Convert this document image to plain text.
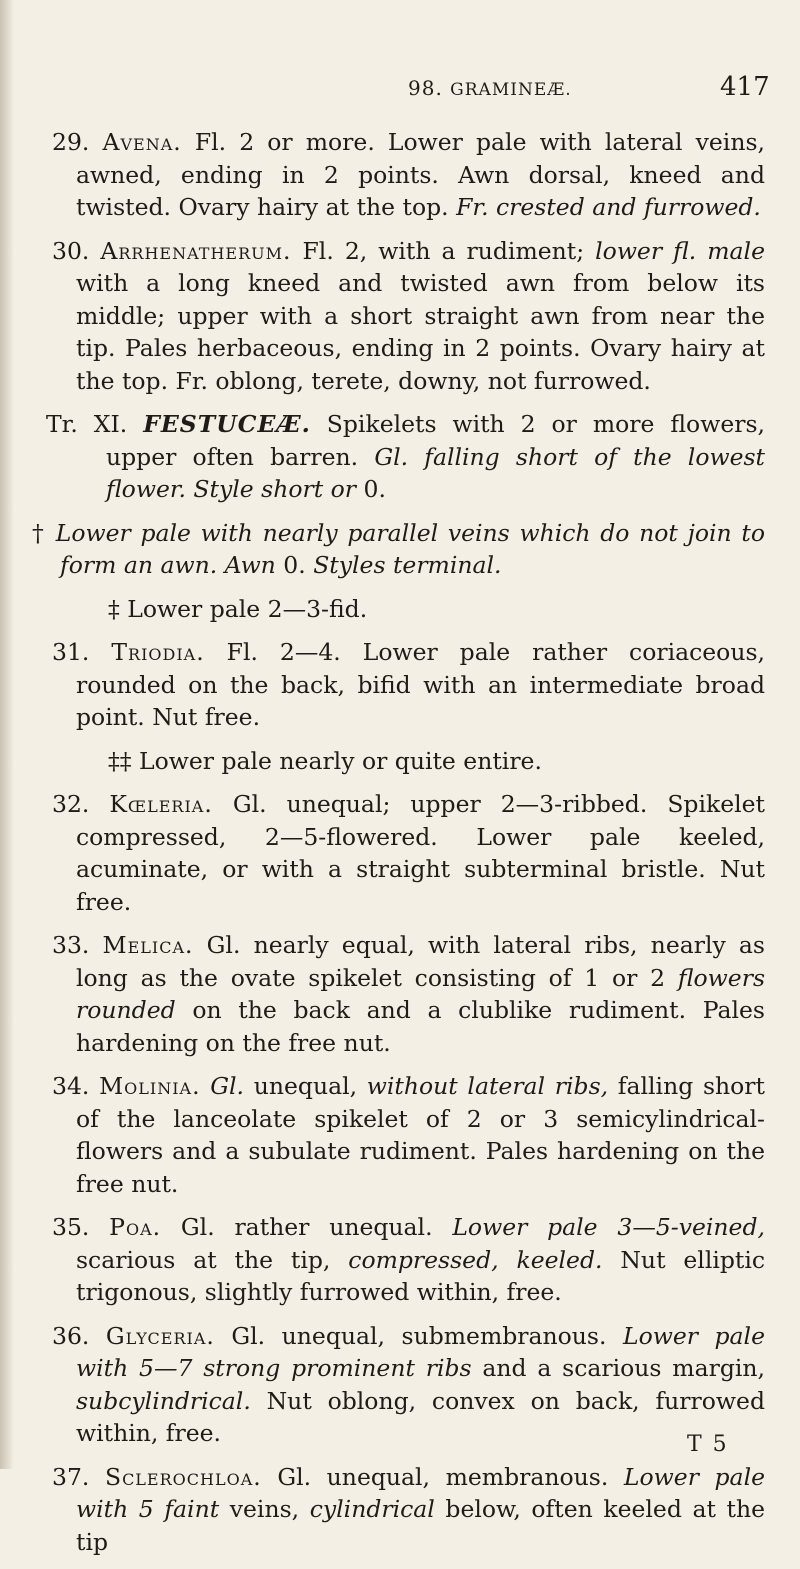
98. GRAMINEÆ.	417

29. Avena. Fl. 2 or more. Lower pale with lateral veins, awned, ending in 2 points. Awn dorsal, kneed and twisted. Ovary hairy at the top. Fr. crested and furrowed.

30. Arrhenatherum. Fl. 2, with a rudiment; lower fl. male with a long kneed and twisted awn from below its middle; upper with a short straight awn from near the tip. Pales herbaceous, ending in 2 points. Ovary hairy at the top. Fr. oblong, terete, downy, not furrowed.

Tr. XI. FESTUCEÆ. Spikelets with 2 or more flowers, upper often barren. Gl. falling short of the lowest flower. Style short or 0.

† Lower pale with nearly parallel veins which do not join to form an awn. Awn 0. Styles terminal.

‡ Lower pale 2—3-fid.

31. Triodia. Fl. 2—4. Lower pale rather coriaceous, rounded on the back, bifid with an intermediate broad point. Nut free.

‡‡ Lower pale nearly or quite entire.

32. Kœleria. Gl. unequal; upper 2—3-ribbed. Spikelet compressed, 2—5-flowered. Lower pale keeled, acuminate, or with a straight subterminal bristle. Nut free.

33. Melica. Gl. nearly equal, with lateral ribs, nearly as long as the ovate spikelet consisting of 1 or 2 flowers rounded on the back and a clublike rudiment. Pales hardening on the free nut.

34. Molinia. Gl. unequal, without lateral ribs, falling short of the lanceolate spikelet of 2 or 3 semicylindrical-flowers and a subulate rudiment. Pales hardening on the free nut.

35. Poa. Gl. rather unequal. Lower pale 3—5-veined, scarious at the tip, compressed, keeled. Nut elliptic trigonous, slightly furrowed within, free.

36. Glyceria. Gl. unequal, submembranous. Lower pale with 5—7 strong prominent ribs and a scarious margin, subcylindrical. Nut oblong, convex on back, furrowed within, free.

37. Sclerochloa. Gl. unequal, membranous. Lower pale with 5 faint veins, cylindrical below, often keeled at the tip

T 5
